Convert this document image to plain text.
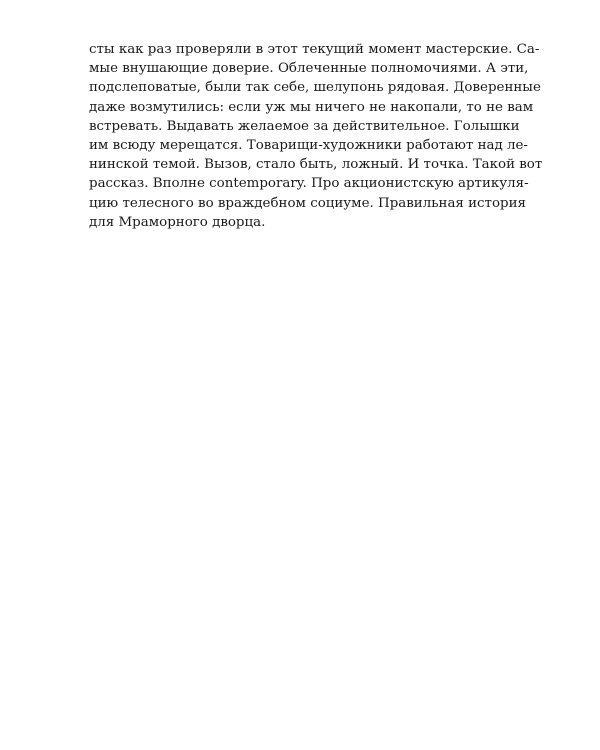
сты как раз проверяли в этот текущий момент мастерские. Са-
мые внушающие доверие. Облеченные полномочиями. А эти,
подслеповатые, были так себе, шелупонь рядовая. Доверенные
даже возмутились: если уж мы ничего не накопали, то не вам
встревать. Выдавать желаемое за действительное. Голышки
им всюду мерещатся. Товарищи-художники работают над ле-
нинской темой. Вызов, стало быть, ложный. И точка. Такой вот
рассказ. Вполне contemporary. Про акционистскую артикуля-
цию телесного во враждебном социуме. Правильная история
для Мраморного дворца.
